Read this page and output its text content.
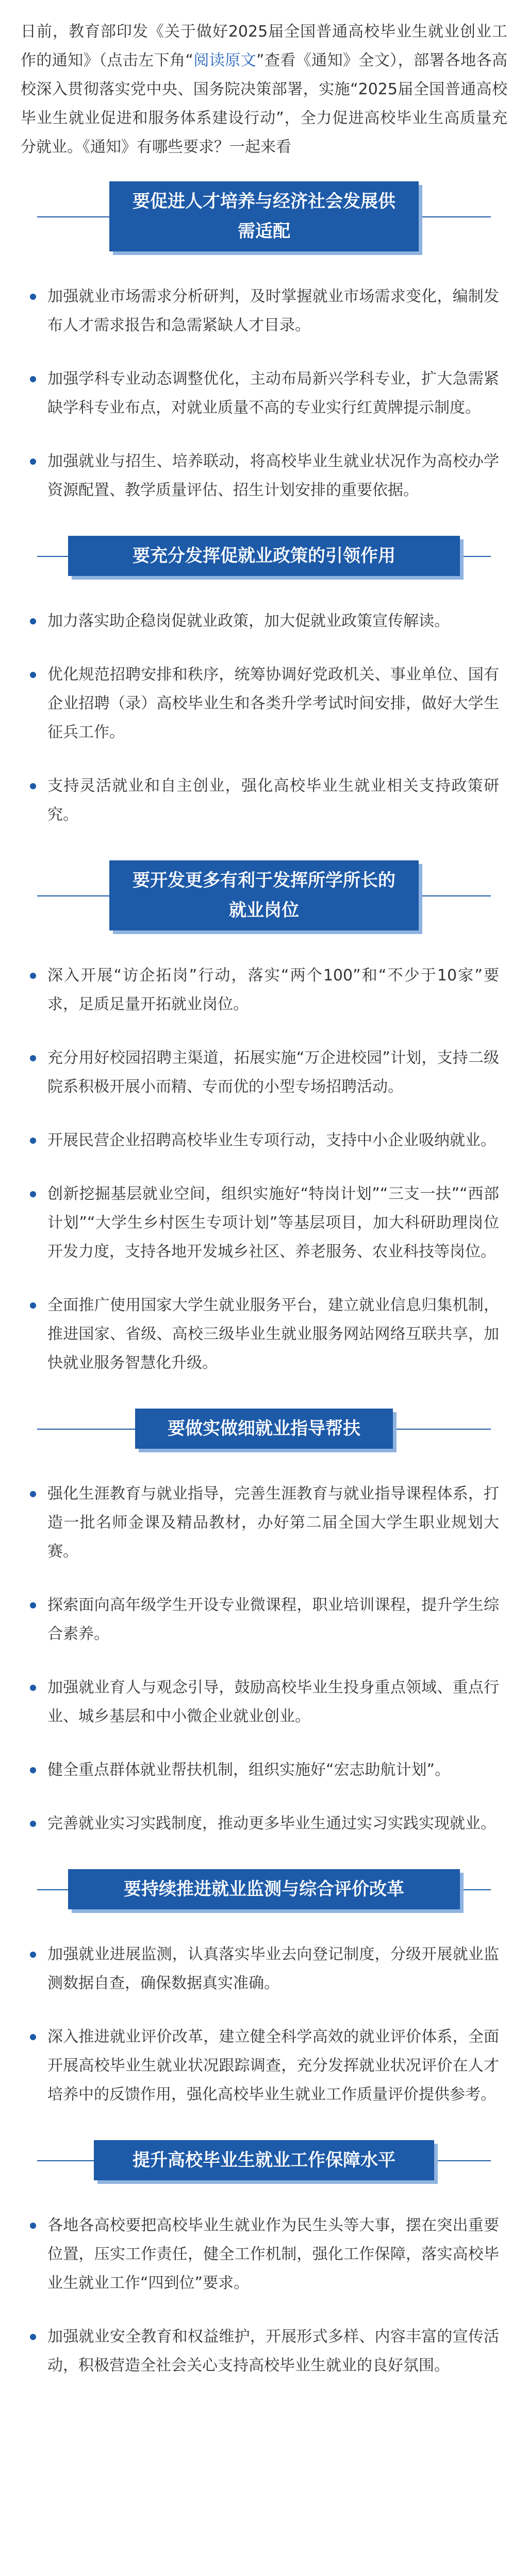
日前，教育部印发《关于做好2025届全国普通高校毕业生就业创业工作的通知》（点击左下角“阅读原文”查看《通知》全文），部署各地各高校深入贯彻落实党中央、国务院决策部署，实施“2025届全国普通高校毕业生就业促进和服务体系建设行动”，全力促进高校毕业生高质量充分就业。《通知》有哪些要求？一起来看
要促进人才培养与经济社会发展供需适配
加强就业市场需求分析研判，及时掌握就业市场需求变化，编制发布人才需求报告和急需紧缺人才目录。
加强学科专业动态调整优化，主动布局新兴学科专业，扩大急需紧缺学科专业布点，对就业质量不高的专业实行红黄牌提示制度。
加强就业与招生、培养联动，将高校毕业生就业状况作为高校办学资源配置、教学质量评估、招生计划安排的重要依据。
要充分发挥促就业政策的引领作用
加力落实助企稳岗促就业政策，加大促就业政策宣传解读。
优化规范招聘安排和秩序，统筹协调好党政机关、事业单位、国有企业招聘（录）高校毕业生和各类升学考试时间安排，做好大学生征兵工作。
支持灵活就业和自主创业，强化高校毕业生就业相关支持政策研究。
要开发更多有利于发挥所学所长的就业岗位
深入开展“访企拓岗”行动，落实“两个100”和“不少于10家”要求，足质足量开拓就业岗位。
充分用好校园招聘主渠道，拓展实施“万企进校园”计划，支持二级院系积极开展小而精、专而优的小型专场招聘活动。
开展民营企业招聘高校毕业生专项行动，支持中小企业吸纳就业。
创新挖掘基层就业空间，组织实施好“特岗计划”“三支一扶”“西部计划”“大学生乡村医生专项计划”等基层项目，加大科研助理岗位开发力度，支持各地开发城乡社区、养老服务、农业科技等岗位。
全面推广使用国家大学生就业服务平台，建立就业信息归集机制，推进国家、省级、高校三级毕业生就业服务网站网络互联共享，加快就业服务智慧化升级。
要做实做细就业指导帮扶
强化生涯教育与就业指导，完善生涯教育与就业指导课程体系，打造一批名师金课及精品教材，办好第二届全国大学生职业规划大赛。
探索面向高年级学生开设专业微课程，职业培训课程，提升学生综合素养。
加强就业育人与观念引导，鼓励高校毕业生投身重点领域、重点行业、城乡基层和中小微企业就业创业。
健全重点群体就业帮扶机制，组织实施好“宏志助航计划”。
完善就业实习实践制度，推动更多毕业生通过实习实践实现就业。
要持续推进就业监测与综合评价改革
加强就业进展监测，认真落实毕业去向登记制度，分级开展就业监测数据自查，确保数据真实准确。
深入推进就业评价改革，建立健全科学高效的就业评价体系，全面开展高校毕业生就业状况跟踪调查，充分发挥就业状况评价在人才培养中的反馈作用，强化高校毕业生就业工作质量评价提供参考。
提升高校毕业生就业工作保障水平
各地各高校要把高校毕业生就业作为民生头等大事，摆在突出重要位置，压实工作责任，健全工作机制，强化工作保障，落实高校毕业生就业工作“四到位”要求。
加强就业安全教育和权益维护，开展形式多样、内容丰富的宣传活动，积极营造全社会关心支持高校毕业生就业的良好氛围。
